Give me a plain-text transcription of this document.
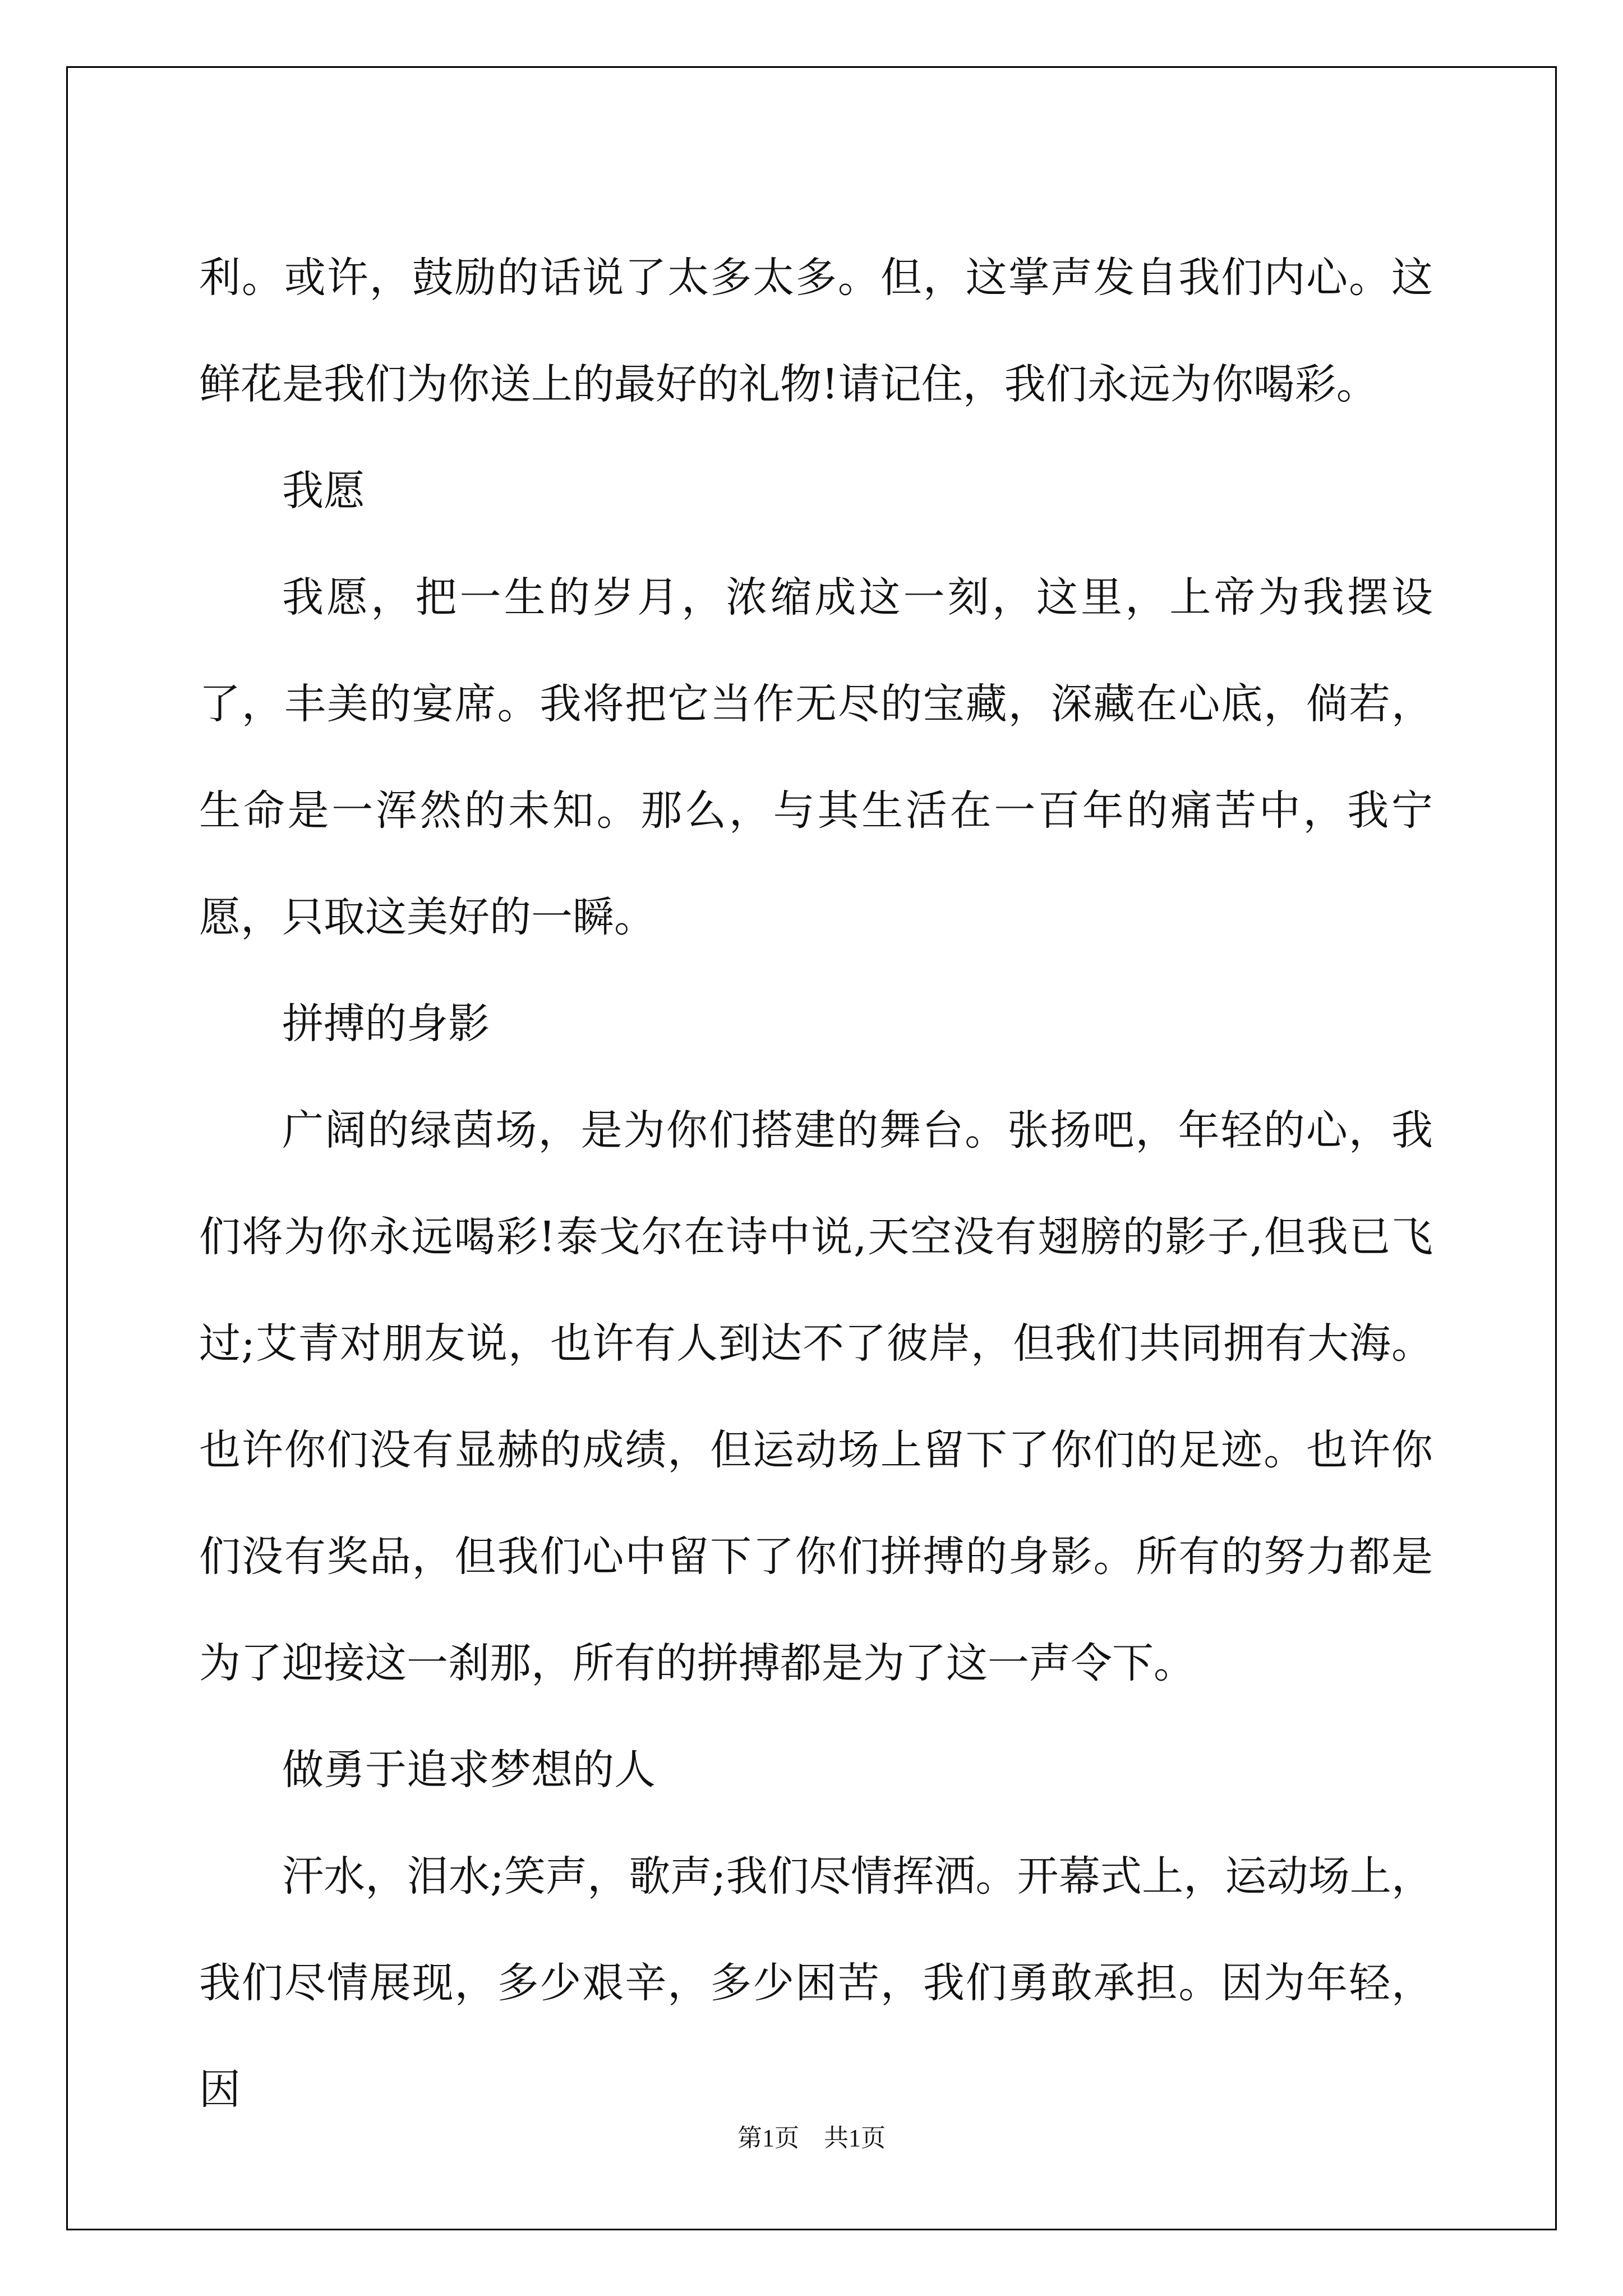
利。或许，鼓励的话说了太多太多。但，这掌声发自我们内心。这鲜花是我们为你送上的最好的礼物!请记住，我们永远为你喝彩。

我愿

我愿，把一生的岁月，浓缩成这一刻，这里，上帝为我摆设了，丰美的宴席。我将把它当作无尽的宝藏，深藏在心底，倘若，生命是一浑然的未知。那么，与其生活在一百年的痛苦中，我宁愿，只取这美好的一瞬。

拼搏的身影

广阔的绿茵场，是为你们搭建的舞台。张扬吧，年轻的心，我们将为你永远喝彩!泰戈尔在诗中说,天空没有翅膀的影子,但我已飞过;艾青对朋友说，也许有人到达不了彼岸，但我们共同拥有大海。也许你们没有显赫的成绩，但运动场上留下了你们的足迹。也许你们没有奖品，但我们心中留下了你们拼搏的身影。所有的努力都是为了迎接这一刹那，所有的拼搏都是为了这一声令下。

做勇于追求梦想的人

汗水，泪水;笑声，歌声;我们尽情挥洒。开幕式上，运动场上，我们尽情展现，多少艰辛，多少困苦，我们勇敢承担。因为年轻，因

第1页　共1页
